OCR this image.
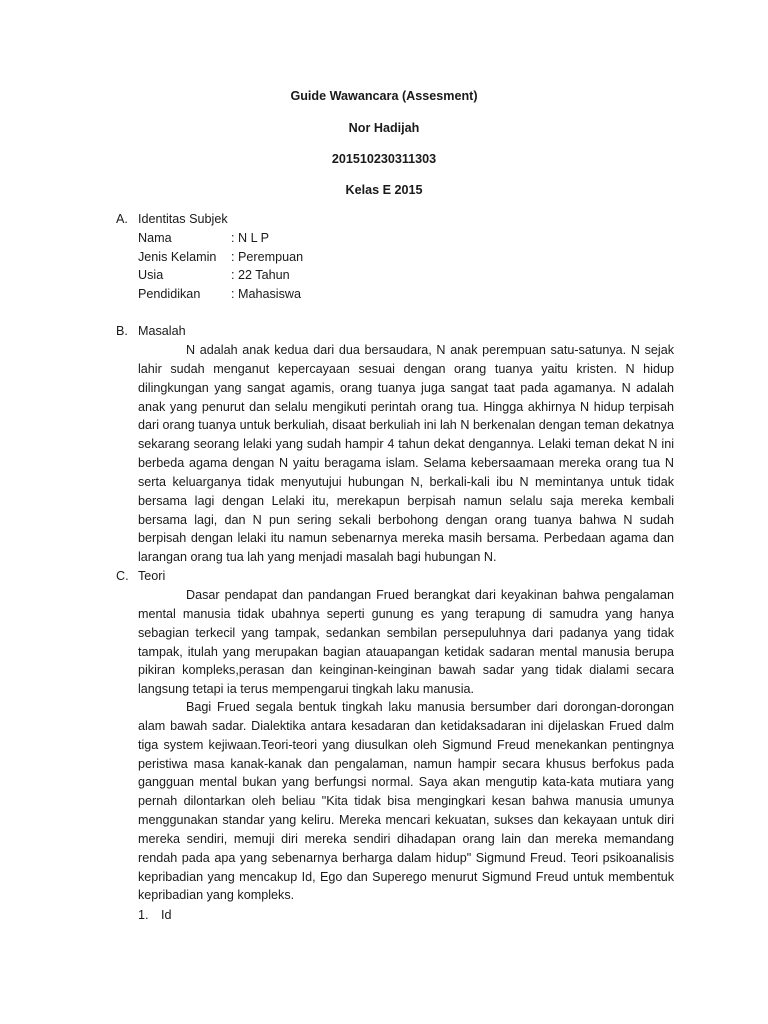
Guide Wawancara (Assesment)

Nor Hadijah

201510230311303

Kelas E 2015

A. Identitas Subjek

Nama	: N L P
Jenis Kelamin : Perempuan
Usia	: 22 Tahun
Pendidikan : Mahasiswa

B. Masalah

N adalah anak kedua dari dua bersaudara, N anak perempuan satu-satunya. N sejak lahir sudah menganut kepercayaan sesuai dengan orang tuanya yaitu kristen. N hidup dilingkungan yang sangat agamis, orang tuanya juga sangat taat pada agamanya. N adalah anak yang penurut dan selalu mengikuti perintah orang tua. Hingga akhirnya N hidup terpisah dari orang tuanya untuk berkuliah, disaat berkuliah ini lah N berkenalan dengan teman dekatnya sekarang seorang lelaki yang sudah hampir 4 tahun dekat dengannya. Lelaki teman dekat N ini berbeda agama dengan N yaitu beragama islam. Selama kebersaamaan mereka orang tua N serta keluarganya tidak menyutujui hubungan N, berkali-kali ibu N memintanya untuk tidak bersama lagi dengan Lelaki itu, merekapun berpisah namun selalu saja mereka kembali bersama lagi, dan N pun sering sekali berbohong dengan orang tuanya bahwa N sudah berpisah dengan lelaki itu namun sebenarnya mereka masih bersama. Perbedaan agama dan larangan orang tua lah yang menjadi masalah bagi hubungan N.

C. Teori

Dasar pendapat dan pandangan Frued berangkat dari keyakinan bahwa pengalaman mental manusia tidak ubahnya seperti gunung es yang terapung di samudra yang hanya sebagian terkecil yang tampak, sedankan sembilan persepuluhnya dari padanya yang tidak tampak, itulah yang merupakan bagian atauapangan ketidak sadaran mental manusia berupa pikiran kompleks,perasan dan keinginan-keinginan bawah sadar yang tidak dialami secara langsung tetapi ia terus mempengarui tingkah laku manusia.

Bagi Frued segala bentuk tingkah laku manusia bersumber dari dorongan-dorongan alam bawah sadar. Dialektika antara kesadaran dan ketidaksadaran ini dijelaskan Frued dalm tiga system kejiwaan.Teori-teori yang diusulkan oleh Sigmund Freud menekankan pentingnya peristiwa masa kanak-kanak dan pengalaman, namun hampir secara khusus berfokus pada gangguan mental bukan yang berfungsi normal. Saya akan mengutip kata-kata mutiara yang pernah dilontarkan oleh beliau "Kita tidak bisa mengingkari kesan bahwa manusia umunya menggunakan standar yang keliru. Mereka mencari kekuatan, sukses dan kekayaan untuk diri mereka sendiri, memuji diri mereka sendiri dihadapan orang lain dan mereka memandang rendah pada apa yang sebenarnya berharga dalam hidup" Sigmund Freud. Teori psikoanalisis kepribadian yang mencakup Id, Ego dan Superego menurut Sigmund Freud untuk membentuk kepribadian yang kompleks.

1. Id
